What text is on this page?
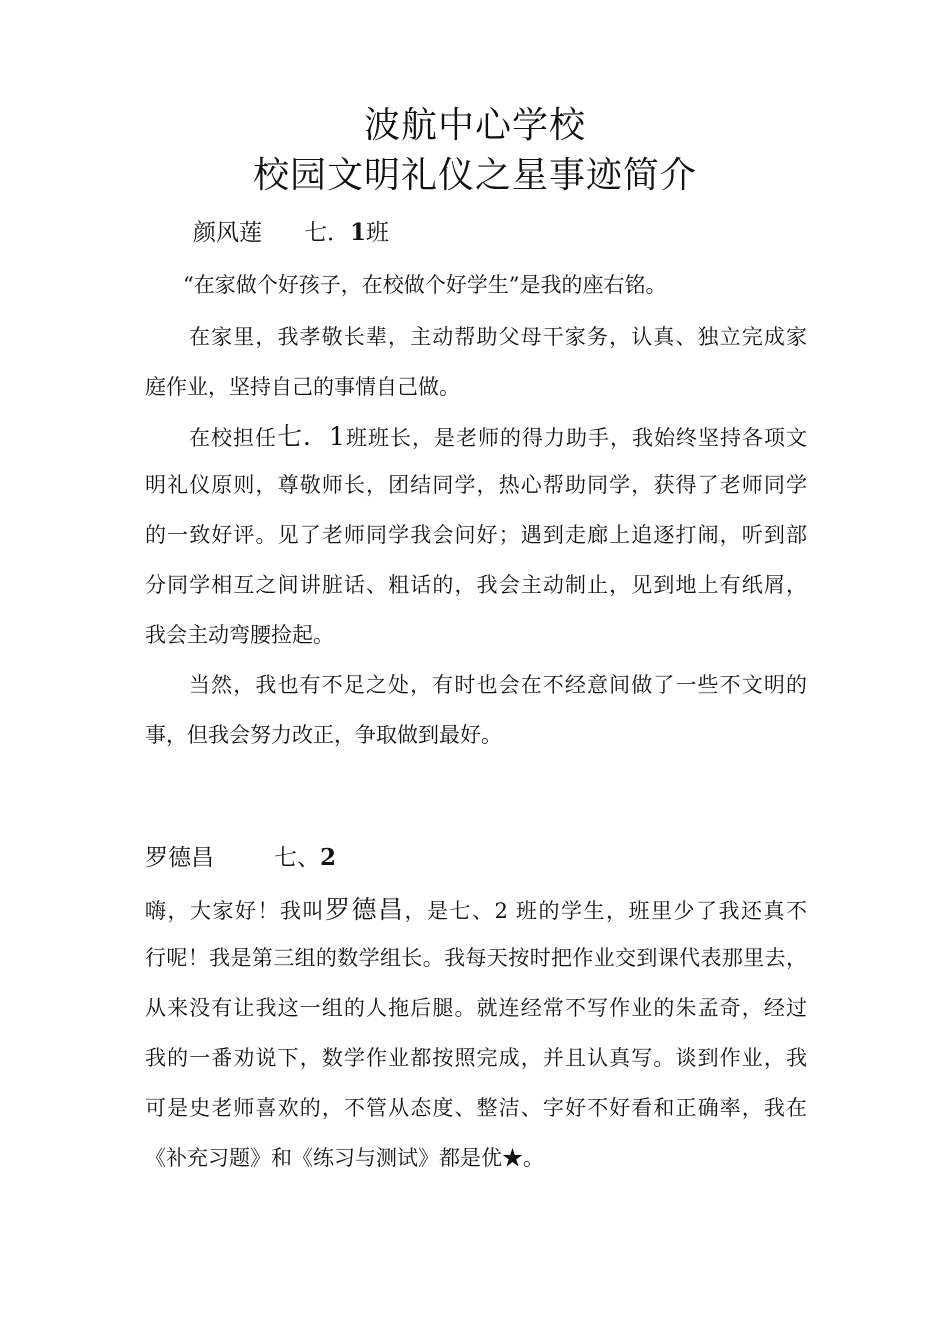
波航中心学校
校园文明礼仪之星事迹简介
颜风莲 七．1班
“在家做个好孩子，在校做个好学生”是我的座右铭。
在家里，我孝敬长辈，主动帮助父母干家务，认真、独立完成家
庭作业，坚持自己的事情自己做。
在校担任七．1班班长，是老师的得力助手，我始终坚持各项文
明礼仪原则，尊敬师长，团结同学，热心帮助同学，获得了老师同学
的一致好评。见了老师同学我会问好；遇到走廊上追逐打闹，听到部
分同学相互之间讲脏话、粗话的，我会主动制止，见到地上有纸屑，
我会主动弯腰捡起。
当然，我也有不足之处，有时也会在不经意间做了一些不文明的
事，但我会努力改正，争取做到最好。
罗德昌	七、2
嗨，大家好！我叫罗德昌，是七、2 班的学生，班里少了我还真不
行呢！我是第三组的数学组长。我每天按时把作业交到课代表那里去，
从来没有让我这一组的人拖后腿。就连经常不写作业的朱孟奇，经过
我的一番劝说下，数学作业都按照完成，并且认真写。谈到作业，我
可是史老师喜欢的，不管从态度、整洁、字好不好看和正确率，我在
《补充习题》和《练习与测试》都是优★。
